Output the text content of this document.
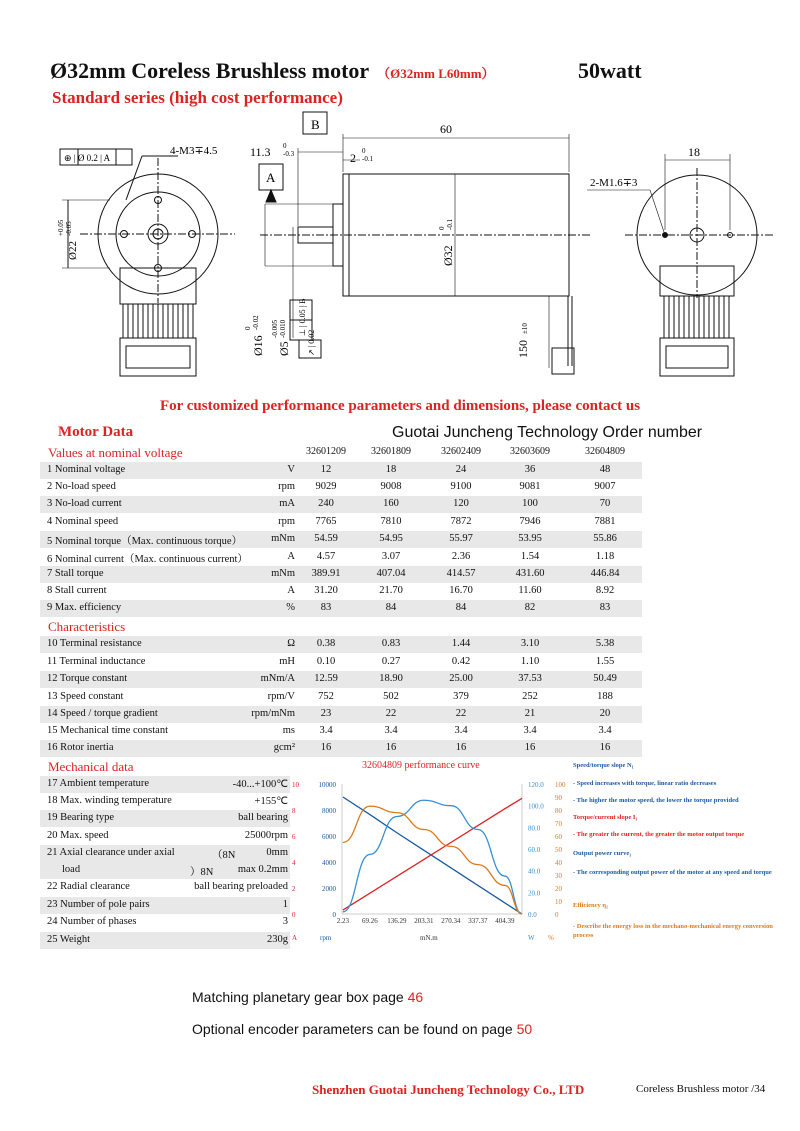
Ø32mm Coreless Brushless motor （Ø32mm L60mm）	50watt
Standard series (high cost performance)
⊕ | Ø 0.2 | A
4-M3∓4.5
Ø22
+0.05 -0.05
B
A
60
11.3 0
-0.3	2 0
-0.1
Ø32
0 -0.1
Ø16
0 -0.02
Ø5
-0.005 -0.010 ⊥ | 0.05 | B
↗ | 0.02	150
±10
18
2-M1.6∓3
For customized performance parameters and dimensions, please contact us
Motor Data	Guotai Juncheng Technology Order number
Values at nominal voltage	32601209	32601809	32602409	32603609	32604809
1 Nominal voltage	V	12	18	24	36	48
2 No-load speed	rpm	9029	9008	9100	9081	9007
3 No-load current	mA	240	160	120	100	70
4 Nominal speed	rpm	7765	7810	7872	7946	7881
5 Nominal torque（Max. continuous torque）	mNm	54.59	54.95	55.97	53.95	55.86
6 Nominal current（Max. continuous current）	A	4.57	3.07	2.36	1.54	1.18
7 Stall torque	mNm	389.91	407.04	414.57	431.60	446.84
8 Stall current	A	31.20	21.70	16.70	11.60	8.92
9 Max. efficiency	%	83	84	84	82	83
Characteristics
10 Terminal resistance	Ω	0.38	0.83	1.44	3.10	5.38
11 Terminal inductance	mH	0.10	0.27	0.42	1.10	1.55
12 Torque constant	mNm/A	12.59	18.90	25.00	37.53	50.49
13 Speed constant	rpm/V	752	502	379	252	188
14 Speed / torque gradient	rpm/mNm	23	22	22	21	20
15 Mechanical time constant	ms	3.4	3.4	3.4	3.4	3.4
16 Rotor inertia	gcm²	16	16	16	16	16
Mechanical data
17 Ambient temperature	-40...+100℃
18 Max. winding temperature	+155℃
19 Bearing type	ball bearing
20 Max. speed	25000rpm
21 Axial clearance under axial	（8N	0mm
load	）8N max 0.2mm
22 Radial clearance	ball bearing preloaded
23 Number of pole pairs	1
24 Number of phases	3
25 Weight	230g
32604809 performance curve
10
8
6
4
2
0
10000
8000
6000
4000
2000
0
120.0
100.0
80.0
60.0
40.0
20.0
0.0
100
90
80
70
60
50
40
30
20
10
0
2.23 69.26 136.29 203.31 270.34 337.37 404.39
A	rpm	mN.m	W %
Speed/torque slope N₁
- Speed increases with torque, linear ratio decreases
- The higher the motor speed, the lower the torque provided
Torque/current slope I₁
- The greater the current, the greater the motor output torque
Output power curve₁
- The corresponding output power of the motor at any speed and torque
Efficiency η₁
- Describe the energy loss in the mechano-mechanical energy conversion process
Matching planetary gear box page 46
Optional encoder parameters can be found on page 50
Shenzhen Guotai Juncheng Technology Co., LTD	Coreless Brushless motor /34
